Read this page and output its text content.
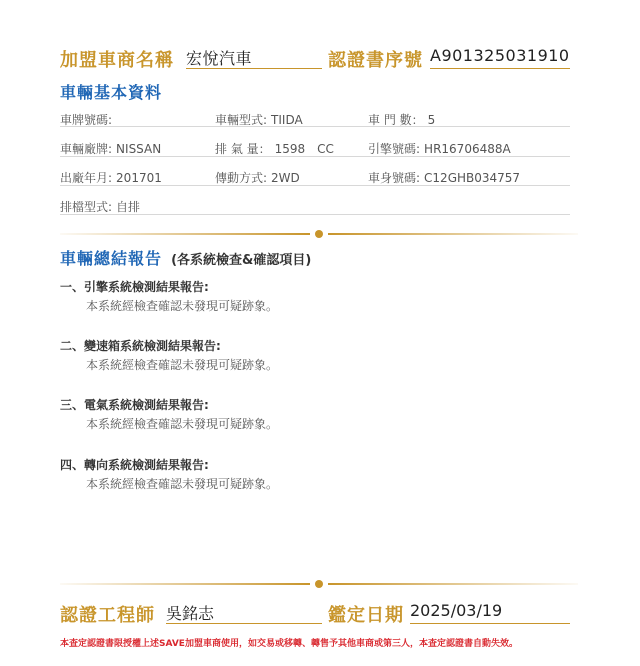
加盟車商名稱 宏悅汽車	認證書序號 A901325031910
車輛基本資料
車牌號碼:	車輛型式: TIIDA	車 門 數： 5
車輛廠牌: NISSAN	排 氣 量： 1598　CC	引擎號碼: HR16706488A
出廠年月: 201701	傳動方式: 2WD	車身號碼: C12GHB034757
排檔型式: 自排
車輛總結報告 (各系統檢查&確認項目)
一、引擎系統檢測結果報告:
本系統經檢查確認未發現可疑跡象。
二、變速箱系統檢測結果報告:
本系統經檢查確認未發現可疑跡象。
三、電氣系統檢測結果報告:
本系統經檢查確認未發現可疑跡象。
四、轉向系統檢測結果報告:
本系統經檢查確認未發現可疑跡象。
認證工程師 吳銘志	鑑定日期 2025/03/19
本查定認證書限授權上述SAVE加盟車商使用，如交易或移轉、轉售予其他車商或第三人，本查定認證書自動失效。
